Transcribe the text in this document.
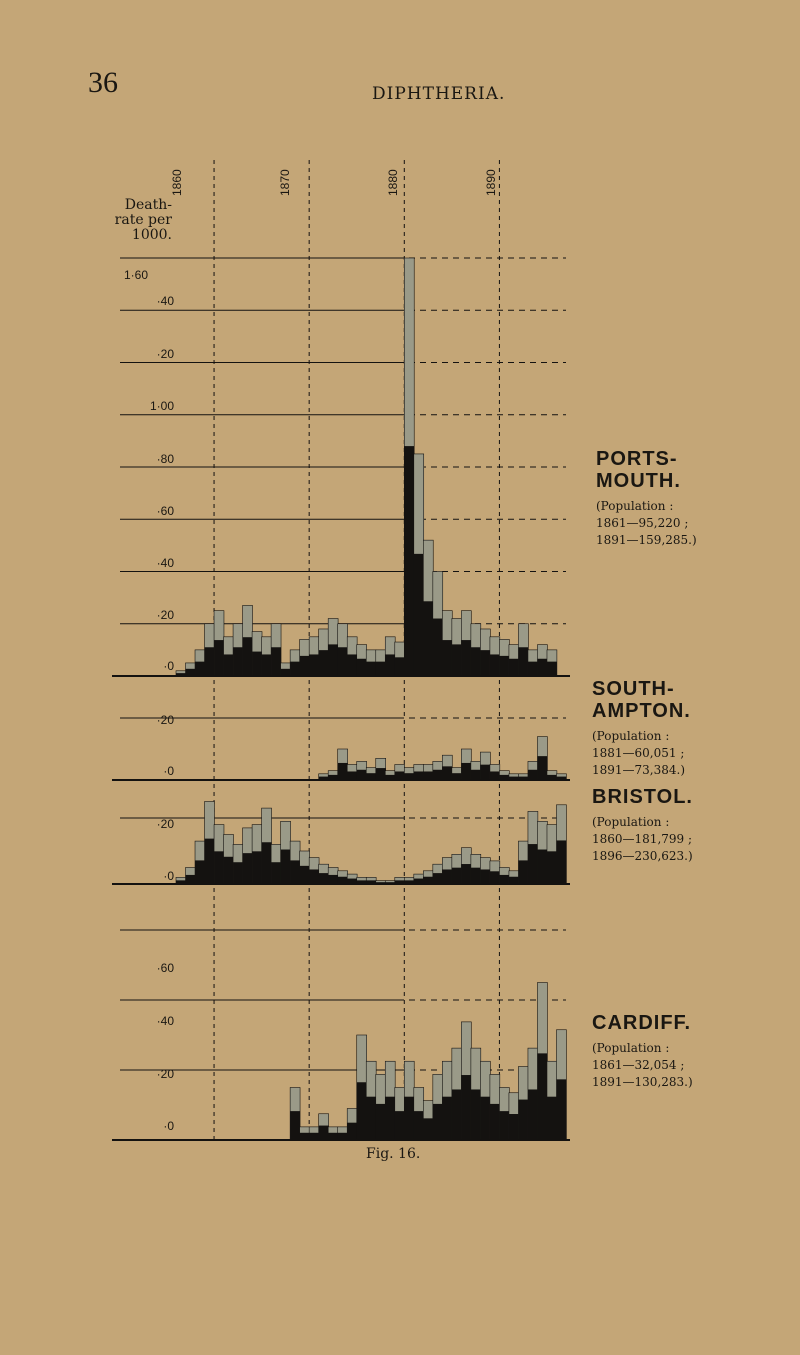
36	DIPHTHERIA.
Death-
rate per
1000.
1860	1870	1880	1890
1·60
·40
·20
1·00
·80
·60
·40
·20
·0
·20
·0
·20
·0
·60
·40
·20
·0
PORTS-
MOUTH.
(Population :
1861—95,220 ;
1891—159,285.)
SOUTH-
AMPTON.
(Population :
1881—60,051 ;
1891—73,384.)
BRISTOL.
(Population :
1860—181,799 ;
1896—230,623.)
CARDIFF.
(Population :
1861—32,054 ;
1891—130,283.)
Fig. 16.
